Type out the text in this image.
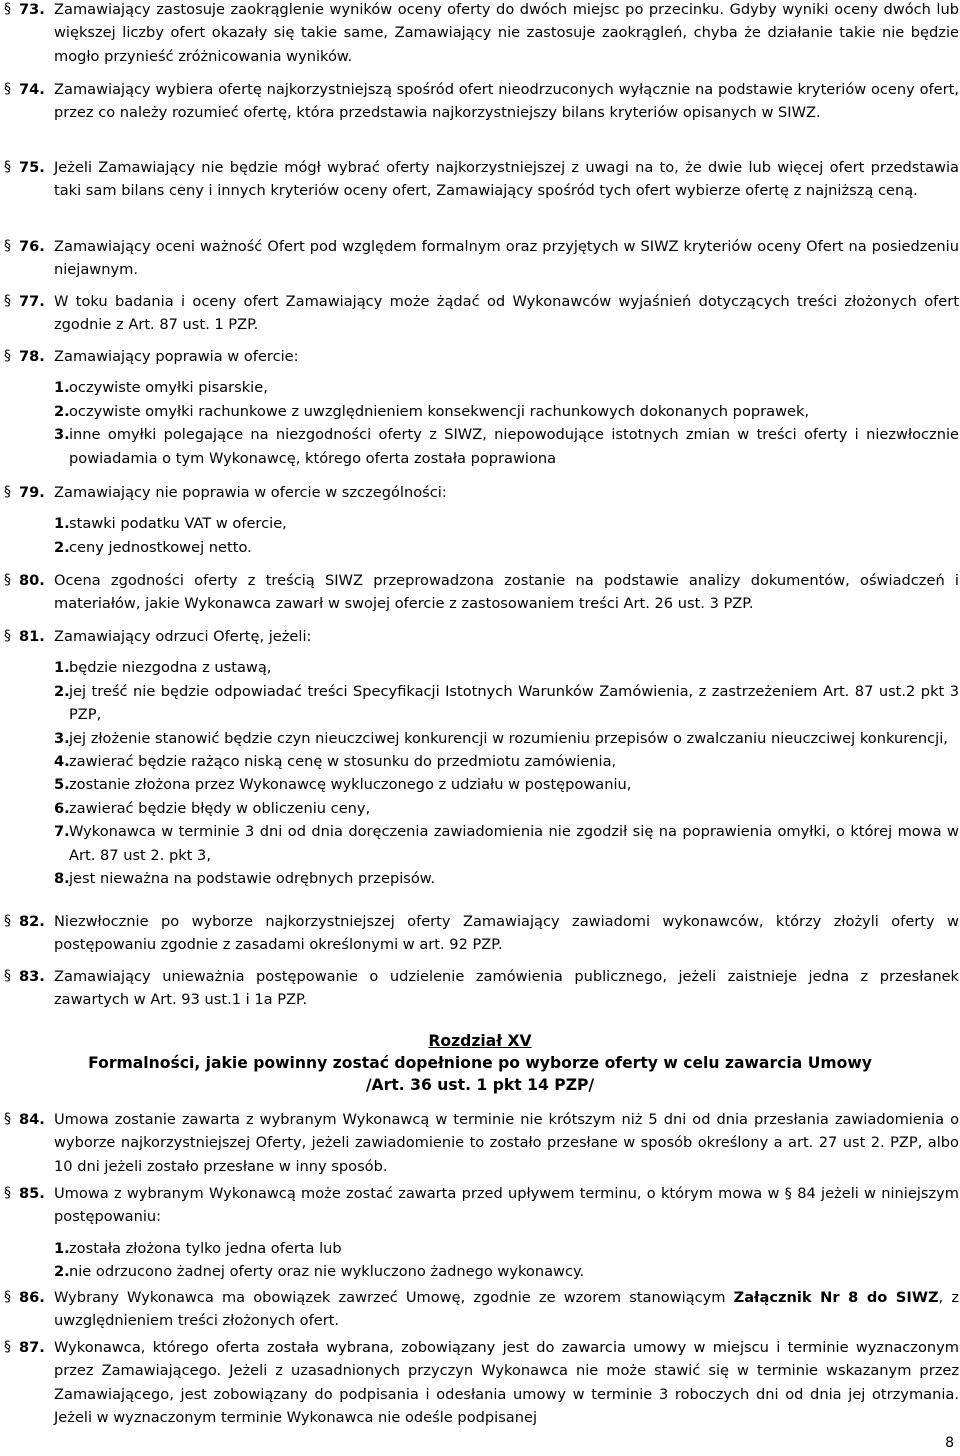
§ 73. Zamawiający zastosuje zaokrąglenie wyników oceny oferty do dwóch miejsc po przecinku. Gdyby wyniki oceny dwóch lub większej liczby ofert okazały się takie same, Zamawiający nie zastosuje zaokrągleń, chyba że działanie takie nie będzie mogło przynieść zróżnicowania wyników.
§ 74. Zamawiający wybiera ofertę najkorzystniejszą spośród ofert nieodrzuconych wyłącznie na podstawie kryteriów oceny ofert, przez co należy rozumieć ofertę, która przedstawia najkorzystniejszy bilans kryteriów opisanych w SIWZ.
§ 75. Jeżeli Zamawiający nie będzie mógł wybrać oferty najkorzystniejszej z uwagi na to, że dwie lub więcej ofert przedstawia taki sam bilans ceny i innych kryteriów oceny ofert, Zamawiający spośród tych ofert wybierze ofertę z najniższą ceną.
§ 76. Zamawiający oceni ważność Ofert pod względem formalnym oraz przyjętych w SIWZ kryteriów oceny Ofert na posiedzeniu niejawnym.
§ 77. W toku badania i oceny ofert Zamawiający może żądać od Wykonawców wyjaśnień dotyczących treści złożonych ofert zgodnie z Art. 87 ust. 1 PZP.
§ 78. Zamawiający poprawia w ofercie:
1. oczywiste omyłki pisarskie,
2. oczywiste omyłki rachunkowe z uwzględnieniem konsekwencji rachunkowych dokonanych poprawek,
3. inne omyłki polegające na niezgodności oferty z SIWZ, niepowodujące istotnych zmian w treści oferty i niezwłocznie powiadamia o tym Wykonawcę, którego oferta została poprawiona
§ 79. Zamawiający nie poprawia w ofercie w szczególności:
1. stawki podatku VAT w ofercie,
2. ceny jednostkowej netto.
§ 80. Ocena zgodności oferty z treścią SIWZ przeprowadzona zostanie na podstawie analizy dokumentów, oświadczeń i materiałów, jakie Wykonawca zawarł w swojej ofercie z zastosowaniem treści Art. 26 ust. 3 PZP.
§ 81. Zamawiający odrzuci Ofertę, jeżeli:
1. będzie niezgodna z ustawą,
2. jej treść nie będzie odpowiadać treści Specyfikacji Istotnych Warunków Zamówienia, z zastrzeżeniem Art. 87 ust.2 pkt 3 PZP,
3. jej złożenie stanowić będzie czyn nieuczciwej konkurencji w rozumieniu przepisów o zwalczaniu nieuczciwej konkurencji,
4. zawierać będzie rażąco niską cenę w stosunku do przedmiotu zamówienia,
5. zostanie złożona przez Wykonawcę wykluczonego z udziału w postępowaniu,
6. zawierać będzie błędy w obliczeniu ceny,
7. Wykonawca w terminie 3 dni od dnia doręczenia zawiadomienia nie zgodził się na poprawienia omyłki, o której mowa w Art. 87 ust 2. pkt 3,
8. jest nieważna na podstawie odrębnych przepisów.
§ 82. Niezwłocznie po wyborze najkorzystniejszej oferty Zamawiający zawiadomi wykonawców, którzy złożyli oferty w postępowaniu zgodnie z zasadami określonymi w art. 92 PZP.
§ 83. Zamawiający unieważnia postępowanie o udzielenie zamówienia publicznego, jeżeli zaistnieje jedna z przesłanek zawartych w Art. 93 ust.1 i 1a PZP.
Rozdział XV
Formalności, jakie powinny zostać dopełnione po wyborze oferty w celu zawarcia Umowy
/Art. 36 ust. 1 pkt 14 PZP/
§ 84. Umowa zostanie zawarta z wybranym Wykonawcą w terminie nie krótszym niż 5 dni od dnia przesłania zawiadomienia o wyborze najkorzystniejszej Oferty, jeżeli zawiadomienie to zostało przesłane w sposób określony a art. 27 ust 2. PZP, albo 10 dni jeżeli zostało przesłane w inny sposób.
§ 85. Umowa z wybranym Wykonawcą może zostać zawarta przed upływem terminu, o którym mowa w § 84 jeżeli w niniejszym postępowaniu:
1. została złożona tylko jedna oferta lub
2. nie odrzucono żadnej oferty oraz nie wykluczono żadnego wykonawcy.
§ 86. Wybrany Wykonawca ma obowiązek zawrzeć Umowę, zgodnie ze wzorem stanowiącym Załącznik Nr 8 do SIWZ, z uwzględnieniem treści złożonych ofert.
§ 87. Wykonawca, którego oferta została wybrana, zobowiązany jest do zawarcia umowy w miejscu i terminie wyznaczonym przez Zamawiającego. Jeżeli z uzasadnionych przyczyn Wykonawca nie może stawić się w terminie wskazanym przez Zamawiającego, jest zobowiązany do podpisania i odesłania umowy w terminie 3 roboczych dni od dnia jej otrzymania. Jeżeli w wyznaczonym terminie Wykonawca nie odeśle podpisanej
8
